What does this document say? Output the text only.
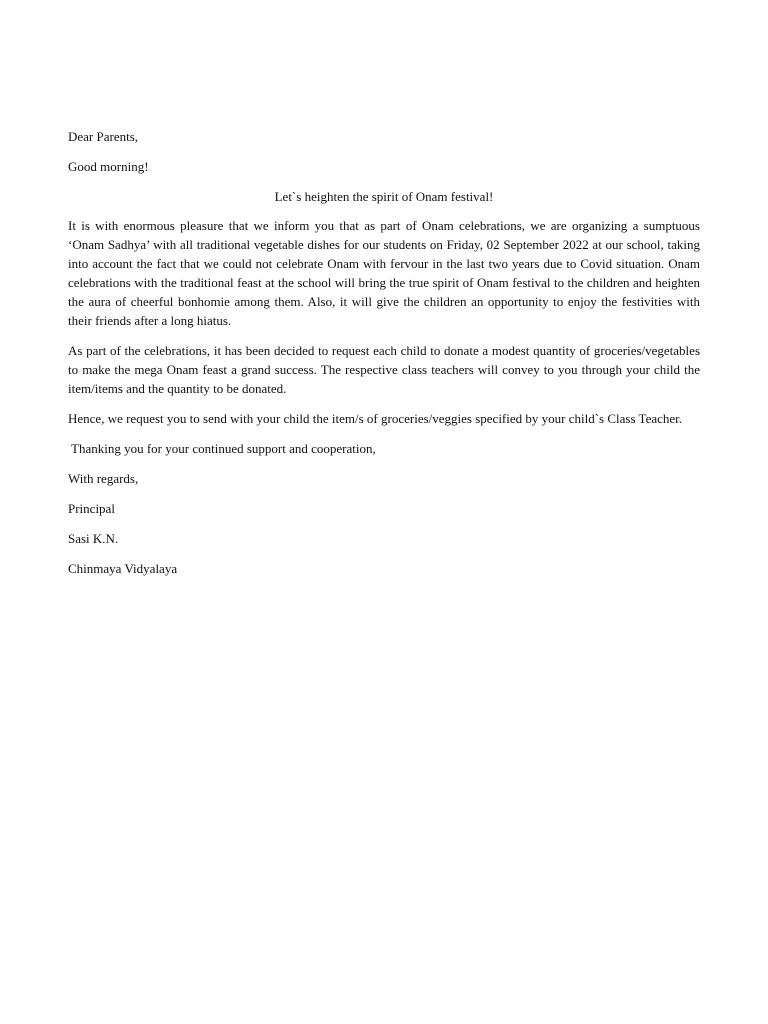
Dear Parents,

Good morning!

Let`s heighten the spirit of Onam festival!

It is with enormous pleasure that we inform you that as part of Onam celebrations, we are organizing a sumptuous ‘Onam Sadhya’ with all traditional vegetable dishes for our students on Friday, 02 September 2022 at our school, taking into account the fact that we could not celebrate Onam with fervour in the last two years due to Covid situation. Onam celebrations with the traditional feast at the school will bring the true spirit of Onam festival to the children and heighten the aura of cheerful bonhomie among them. Also, it will give the children an opportunity to enjoy the festivities with their friends after a long hiatus.

As part of the celebrations, it has been decided to request each child to donate a modest quantity of groceries/vegetables to make the mega Onam feast a grand success. The respective class teachers will convey to you through your child the item/items and the quantity to be donated.

Hence, we request you to send with your child the item/s of groceries/veggies specified by your child`s Class Teacher.

Thanking you for your continued support and cooperation,

With regards,

Principal

Sasi K.N.

Chinmaya Vidyalaya
